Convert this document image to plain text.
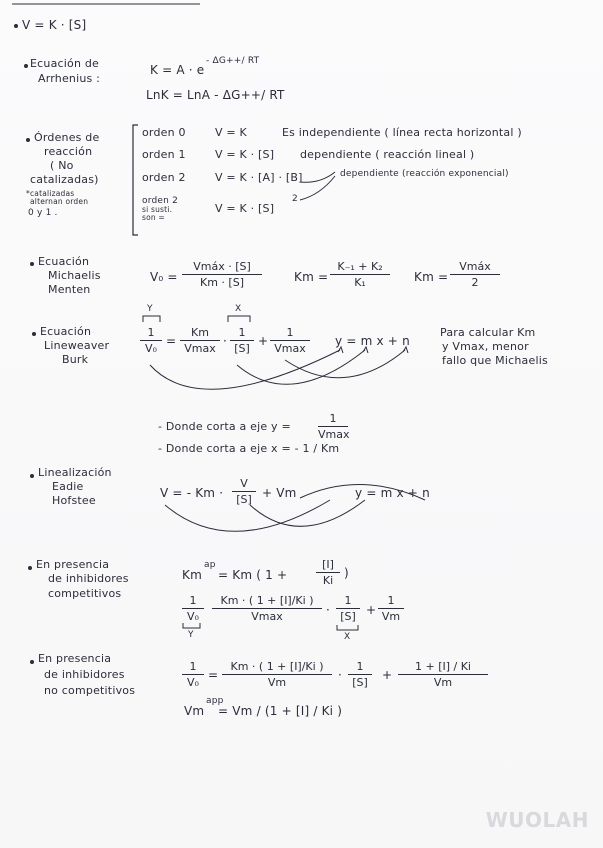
V = K · [S]
Ecuación de
Arrhenius :
K = A · e
- ΔG++/ RT
LnK = LnA - ΔG++/ RT
Órdenes de
reacción
( No
catalizadas)
*catalizadas
alternan orden
0 y 1 .
orden 0	V = K	Es independiente ( línea recta horizontal )
orden 1	V = K · [S] dependiente ( reacción lineal )
orden 2	V = K · [A] · [B]	dependiente (reacción exponencial)
orden 2
si susti.
son =
V = K · [S]
2
Ecuación
Michaelis
Menten
V₀ =
Vmáx · [S]
Km · [S]	Km =
K₋₁ + K₂
K₁	Km =
Vmáx
2
Ecuación
Lineweaver
Burk
Y	X
1
V₀
=
Km
Vmax
·
1
[S]
+
1
Vmax
y = m x + n
Para calcular Km
y Vmax, menor
fallo que Michaelis
- Donde corta a eje y =
1
Vmax
- Donde corta a eje x = - 1 / Km
Linealización
Eadie
Hofstee
V = - Km ·
V
[S] + Vm	y = m x + n
En presencia
de inhibidores
competitivos
Km
ap
= Km ( 1 +
[I]
Ki
)
1
V₀
Y
Km · ( 1 + [I]/Ki )
Vmax	·
1
[S]
X
+
1
Vm
En presencia
de inhibidores
no competitivos
1
V₀
=
Km · ( 1 + [I]/Ki )
Vm
·
1
[S]
+
1 + [I] / Ki
Vm
Vm
app
= Vm / (1 + [I] / Ki )
WUOLAH
